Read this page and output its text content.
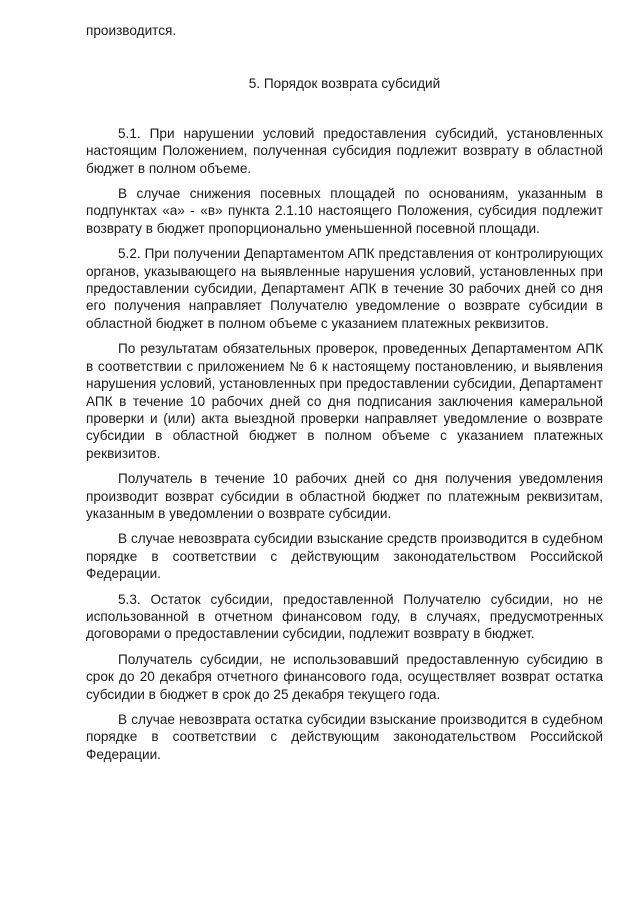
производится.

5. Порядок возврата субсидий

5.1. При нарушении условий предоставления субсидий, установленных настоящим Положением, полученная субсидия подлежит возврату в областной бюджет в полном объеме.

В случае снижения посевных площадей по основаниям, указанным в подпунктах «а» - «в» пункта 2.1.10 настоящего Положения, субсидия подлежит возврату в бюджет пропорционально уменьшенной посевной площади.

5.2. При получении Департаментом АПК представления от контролирующих органов, указывающего на выявленные нарушения условий, установленных при предоставлении субсидии, Департамент АПК в течение 30 рабочих дней со дня его получения направляет Получателю уведомление о возврате субсидии в областной бюджет в полном объеме с указанием платежных реквизитов.

По результатам обязательных проверок, проведенных Департаментом АПК в соответствии с приложением № 6 к настоящему постановлению, и выявления нарушения условий, установленных при предоставлении субсидии, Департамент АПК в течение 10 рабочих дней со дня подписания заключения камеральной проверки и (или) акта выездной проверки направляет уведомление о возврате субсидии в областной бюджет в полном объеме с указанием платежных реквизитов.

Получатель в течение 10 рабочих дней со дня получения уведомления производит возврат субсидии в областной бюджет по платежным реквизитам, указанным в уведомлении о возврате субсидии.

В случае невозврата субсидии взыскание средств производится в судебном порядке в соответствии с действующим законодательством Российской Федерации.

5.3. Остаток субсидии, предоставленной Получателю субсидии, но не использованной в отчетном финансовом году, в случаях, предусмотренных договорами о предоставлении субсидии, подлежит возврату в бюджет.

Получатель субсидии, не использовавший предоставленную субсидию в срок до 20 декабря отчетного финансового года, осуществляет возврат остатка субсидии в бюджет в срок до 25 декабря текущего года.

В случае невозврата остатка субсидии взыскание производится в судебном порядке в соответствии с действующим законодательством Российской Федерации.
